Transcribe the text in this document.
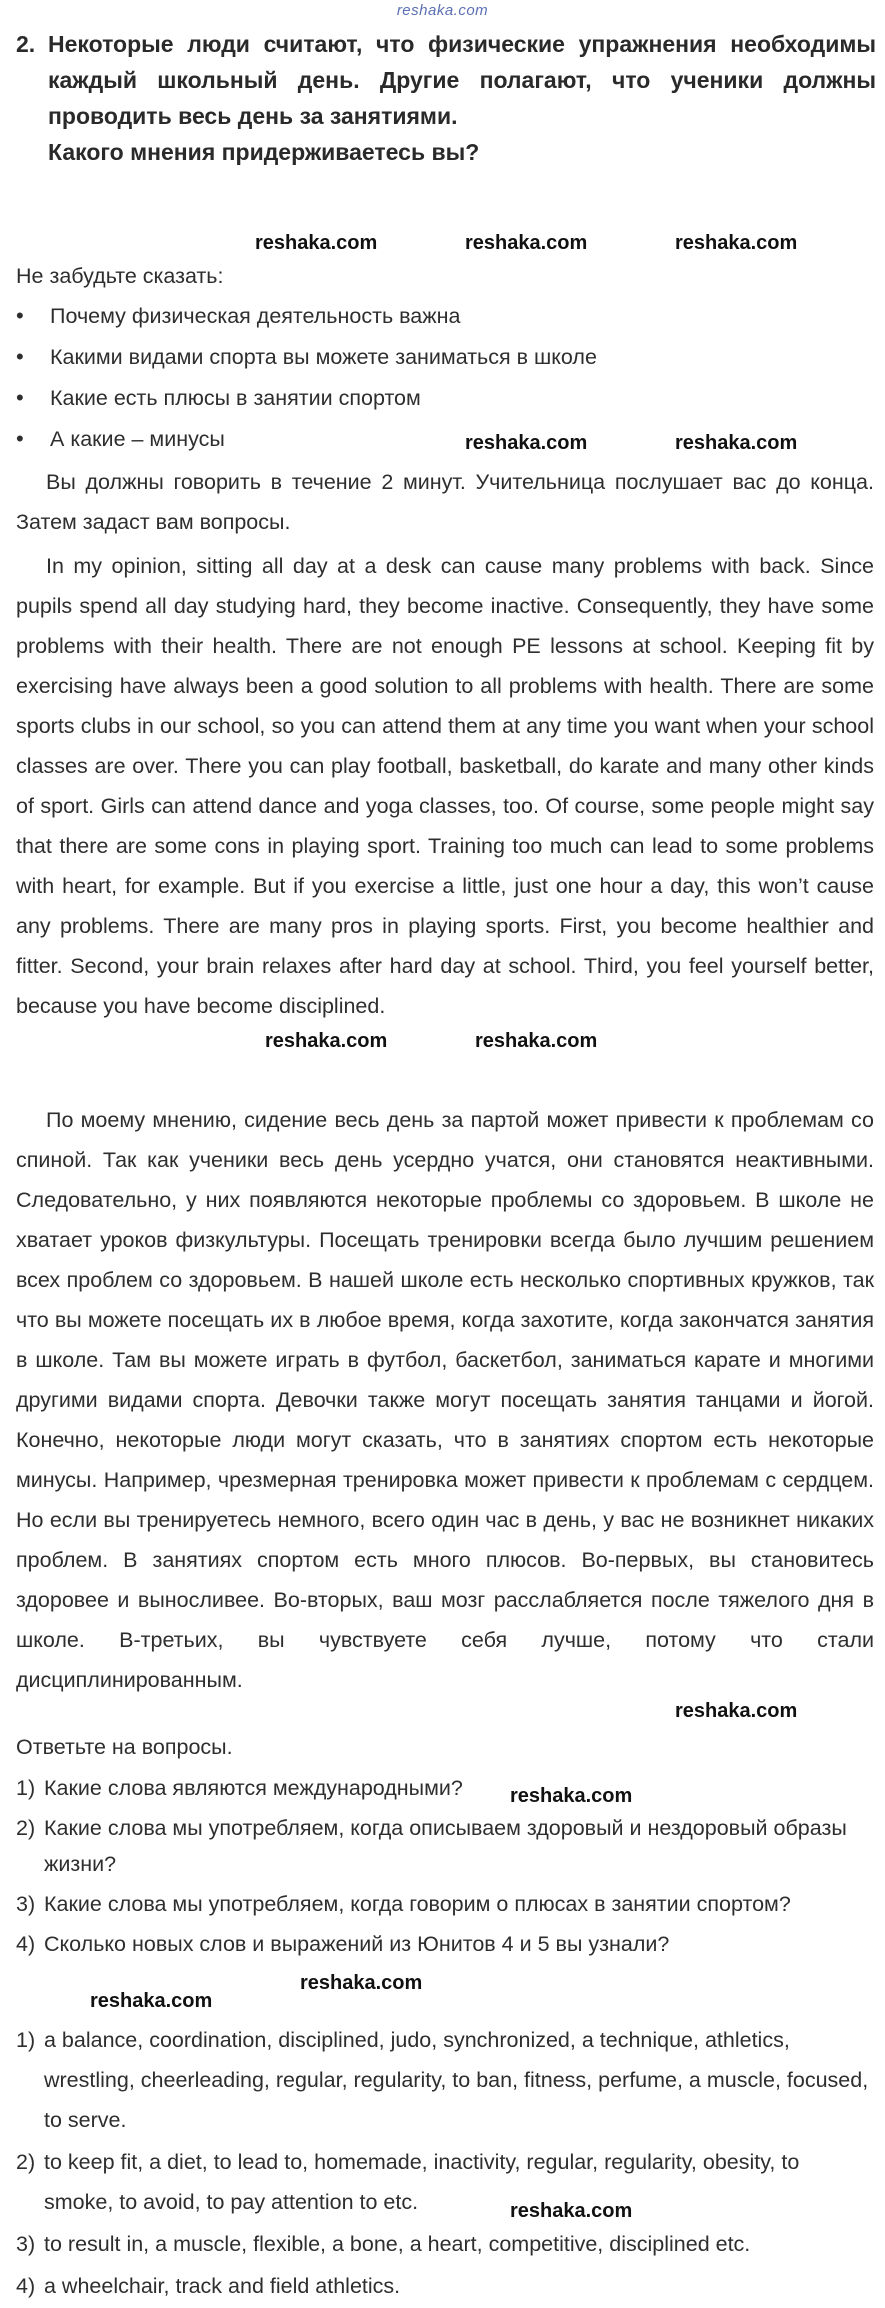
reshaka.com
2. Некоторые люди считают, что физические упражнения необходимы каждый школьный день. Другие полагают, что ученики должны проводить весь день за занятиями.
Какого мнения придерживаетесь вы?
Не забудьте сказать:
• Почему физическая деятельность важна
• Какими видами спорта вы можете заниматься в школе
• Какие есть плюсы в занятии спортом
• А какие – минусы
Вы должны говорить в течение 2 минут. Учительница послушает вас до конца. Затем задаст вам вопросы.
In my opinion, sitting all day at a desk can cause many problems with back. Since pupils spend all day studying hard, they become inactive. Consequently, they have some problems with their health. There are not enough PE lessons at school. Keeping fit by exercising have always been a good solution to all problems with health. There are some sports clubs in our school, so you can attend them at any time you want when your school classes are over. There you can play football, basketball, do karate and many other kinds of sport. Girls can attend dance and yoga classes, too. Of course, some people might say that there are some cons in playing sport. Training too much can lead to some problems with heart, for example. But if you exercise a little, just one hour a day, this won’t cause any problems. There are many pros in playing sports. First, you become healthier and fitter. Second, your brain relaxes after hard day at school. Third, you feel yourself better, because you have become disciplined.
По моему мнению, сидение весь день за партой может привести к проблемам со спиной. Так как ученики весь день усердно учатся, они становятся неактивными. Следовательно, у них появляются некоторые проблемы со здоровьем. В школе не хватает уроков физкультуры. Посещать тренировки всегда было лучшим решением всех проблем со здоровьем. В нашей школе есть несколько спортивных кружков, так что вы можете посещать их в любое время, когда захотите, когда закончатся занятия в школе. Там вы можете играть в футбол, баскетбол, заниматься карате и многими другими видами спорта. Девочки также могут посещать занятия танцами и йогой. Конечно, некоторые люди могут сказать, что в занятиях спортом есть некоторые минусы. Например, чрезмерная тренировка может привести к проблемам с сердцем. Но если вы тренируетесь немного, всего один час в день, у вас не возникнет никаких проблем. В занятиях спортом есть много плюсов. Во-первых, вы становитесь здоровее и выносливее. Во-вторых, ваш мозг расслабляется после тяжелого дня в школе. В-третьих, вы чувствуете себя лучше, потому что стали дисциплинированным.
Ответьте на вопросы.
1) Какие слова являются международными?
2) Какие слова мы употребляем, когда описываем здоровый и нездоровый образы жизни?
3) Какие слова мы употребляем, когда говорим о плюсах в занятии спортом?
4) Сколько новых слов и выражений из Юнитов 4 и 5 вы узнали?
1) a balance, coordination, disciplined, judo, synchronized, a technique, athletics, wrestling, cheerleading, regular, regularity, to ban, fitness, perfume, a muscle, focused, to serve.
2) to keep fit, a diet, to lead to, homemade, inactivity, regular, regularity, obesity, to smoke, to avoid, to pay attention to etc.
3) to result in, a muscle, flexible, a bone, a heart, competitive, disciplined etc.
4) a wheelchair, track and field athletics.
reshaka.com	reshaka.com	reshaka.com
reshaka.com	reshaka.com
reshaka.com	reshaka.com
reshaka.com
reshaka.com
reshaka.com
reshaka.com
reshaka.com
